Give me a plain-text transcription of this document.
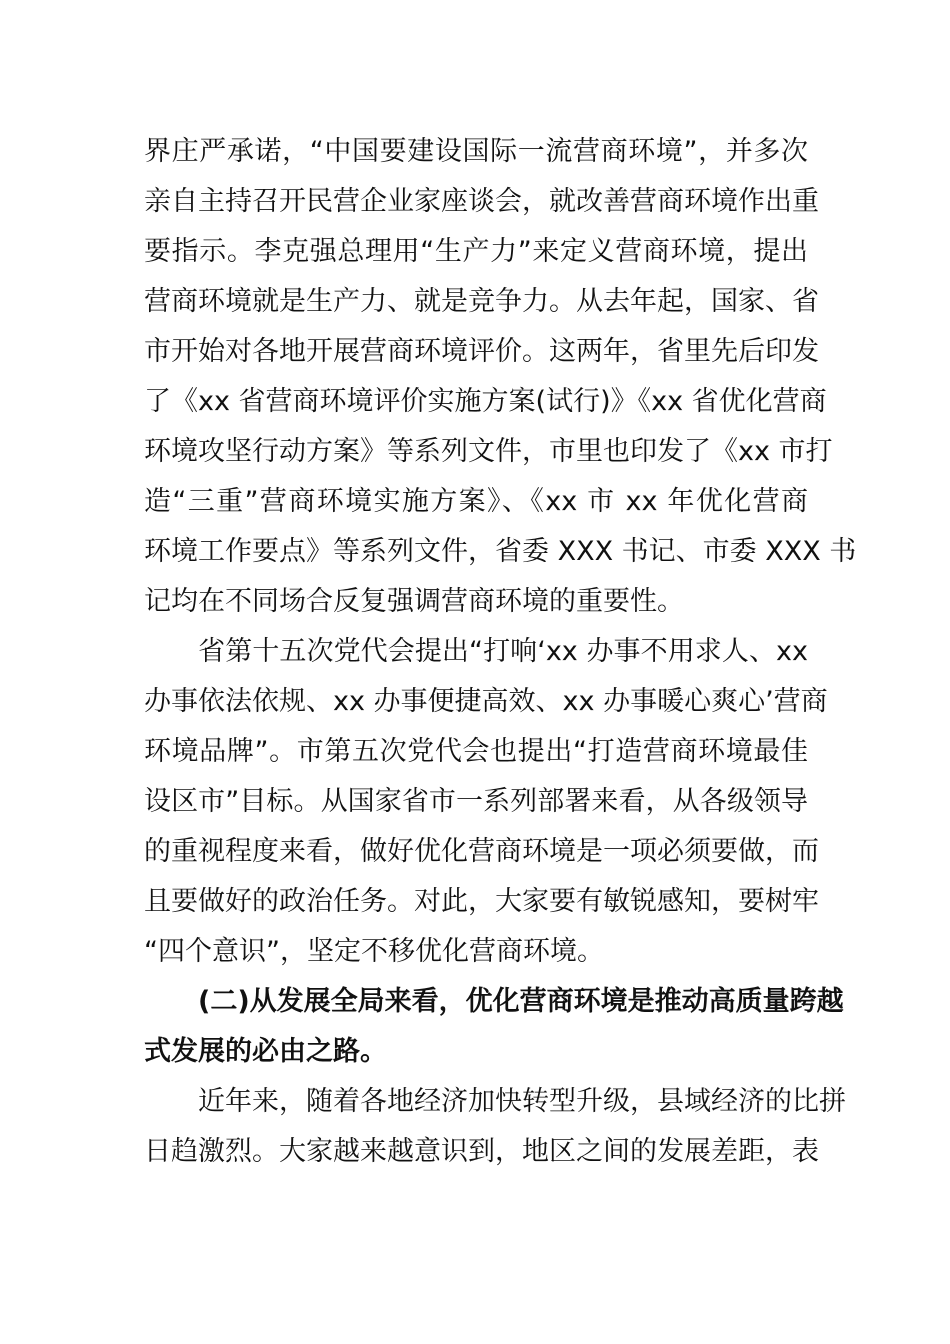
界庄严承诺，“中国要建设国际一流营商环境”，并多次
亲自主持召开民营企业家座谈会，就改善营商环境作出重
要指示。李克强总理用“生产力”来定义营商环境，提出
营商环境就是生产力、就是竞争力。从去年起，国家、省
市开始对各地开展营商环境评价。这两年，省里先后印发
了《xx 省营商环境评价实施方案(试行)》《xx 省优化营商
环境攻坚行动方案》等系列文件，市里也印发了《xx 市打
造“三重”营商环境实施方案》、《xx 市 xx 年优化营商
环境工作要点》等系列文件，省委 XXX 书记、市委 XXX 书
记均在不同场合反复强调营商环境的重要性。
　　省第十五次党代会提出“打响‘xx 办事不用求人、xx
办事依法依规、xx 办事便捷高效、xx 办事暖心爽心’营商
环境品牌”。市第五次党代会也提出“打造营商环境最佳
设区市”目标。从国家省市一系列部署来看，从各级领导
的重视程度来看，做好优化营商环境是一项必须要做，而
且要做好的政治任务。对此，大家要有敏锐感知，要树牢
“四个意识”，坚定不移优化营商环境。
　　(二)从发展全局来看，优化营商环境是推动高质量跨越
式发展的必由之路。
　　近年来，随着各地经济加快转型升级，县域经济的比拼
日趋激烈。大家越来越意识到，地区之间的发展差距，表
